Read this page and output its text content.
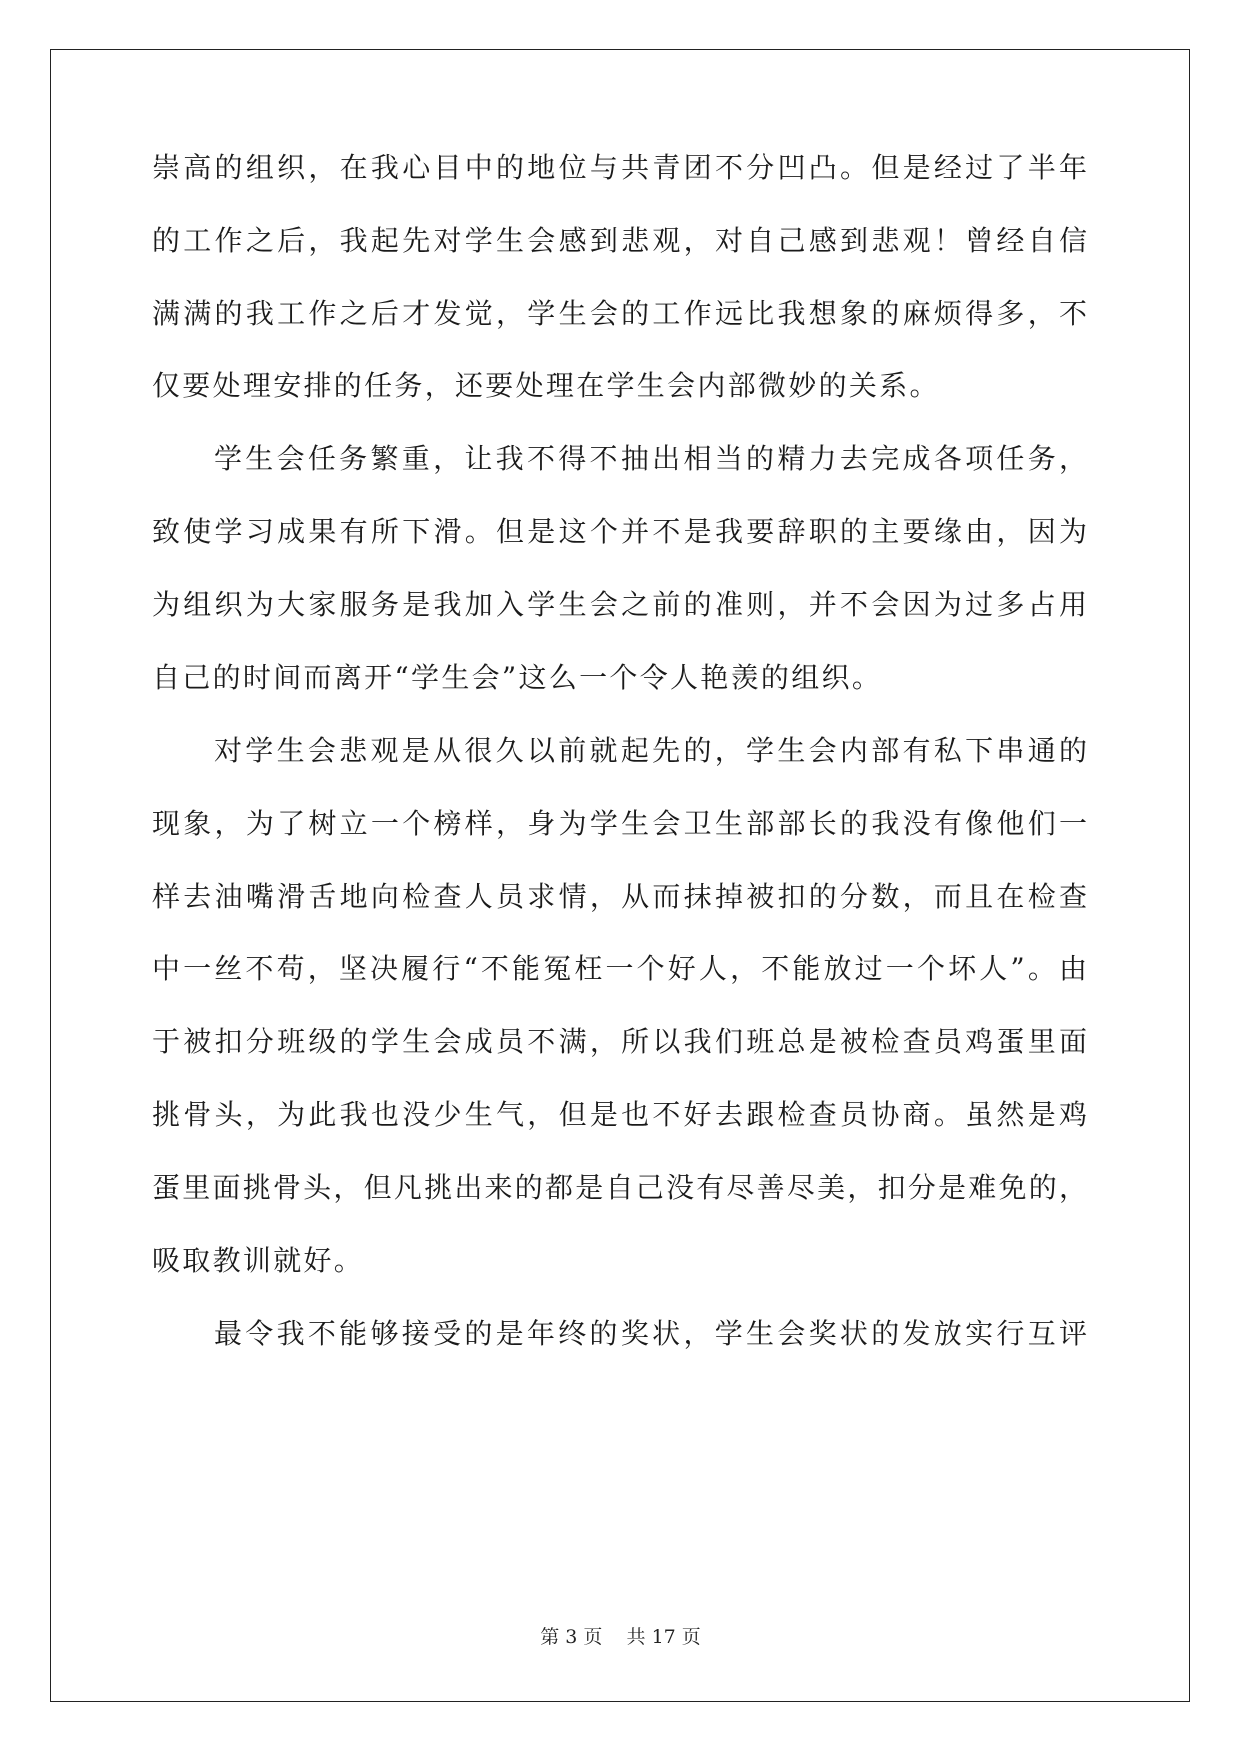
崇高的组织，在我心目中的地位与共青团不分凹凸。但是经过了半年
的工作之后，我起先对学生会感到悲观，对自己感到悲观！曾经自信
满满的我工作之后才发觉，学生会的工作远比我想象的麻烦得多，不
仅要处理安排的任务，还要处理在学生会内部微妙的关系。
学生会任务繁重，让我不得不抽出相当的精力去完成各项任务，
致使学习成果有所下滑。但是这个并不是我要辞职的主要缘由，因为
为组织为大家服务是我加入学生会之前的准则，并不会因为过多占用
自己的时间而离开“学生会”这么一个令人艳羡的组织。
对学生会悲观是从很久以前就起先的，学生会内部有私下串通的
现象，为了树立一个榜样，身为学生会卫生部部长的我没有像他们一
样去油嘴滑舌地向检查人员求情，从而抹掉被扣的分数，而且在检查
中一丝不苟，坚决履行“不能冤枉一个好人，不能放过一个坏人”。由
于被扣分班级的学生会成员不满，所以我们班总是被检查员鸡蛋里面
挑骨头，为此我也没少生气，但是也不好去跟检查员协商。虽然是鸡
蛋里面挑骨头，但凡挑出来的都是自己没有尽善尽美，扣分是难免的，
吸取教训就好。
最令我不能够接受的是年终的奖状，学生会奖状的发放实行互评
第 3 页    共 17 页
